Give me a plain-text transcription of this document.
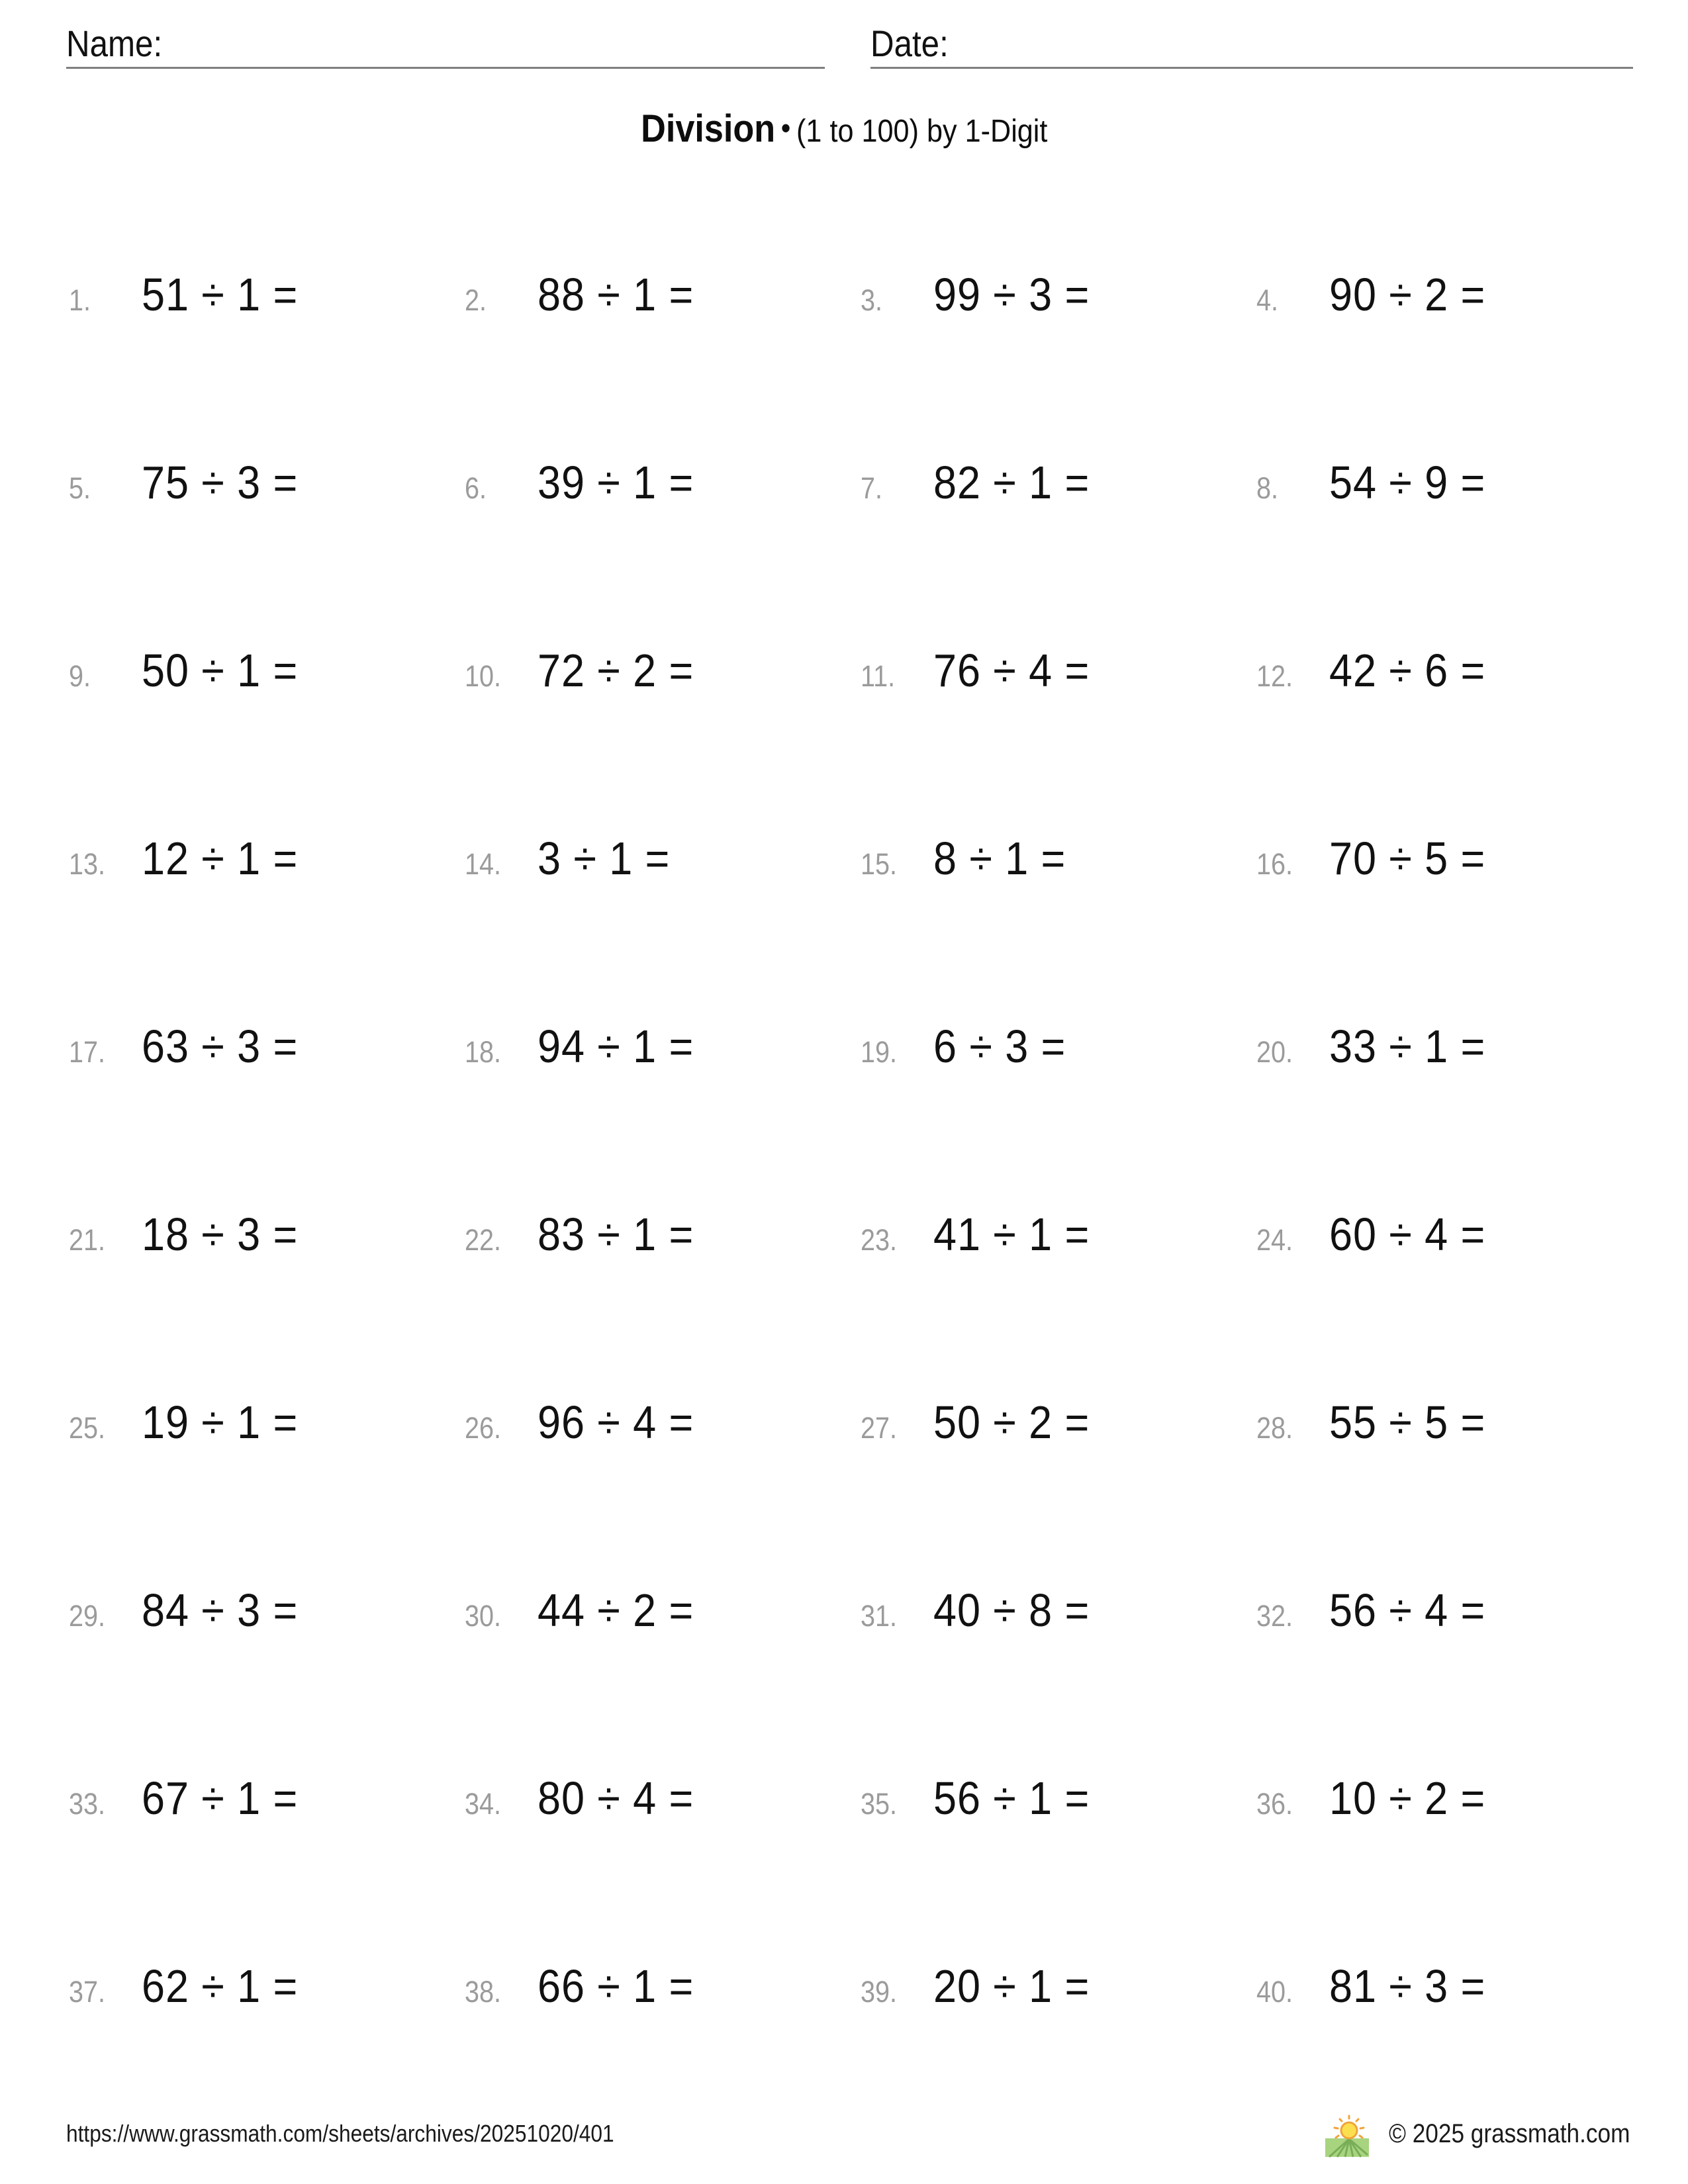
Name:	Date:
Division • (1 to 100) by 1-Digit
1.	51 ÷ 1 =	2.	88 ÷ 1 =	3.	99 ÷ 3 =	4.	90 ÷ 2 =
5.	75 ÷ 3 =	6.	39 ÷ 1 =	7.	82 ÷ 1 =	8.	54 ÷ 9 =
9.	50 ÷ 1 =	10. 72 ÷ 2 =	11. 76 ÷ 4 =	12. 42 ÷ 6 =
13. 12 ÷ 1 =	14. 3 ÷ 1 =	15. 8 ÷ 1 =	16. 70 ÷ 5 =
17. 63 ÷ 3 =	18. 94 ÷ 1 =	19. 6 ÷ 3 =	20. 33 ÷ 1 =
21. 18 ÷ 3 =	22. 83 ÷ 1 =	23. 41 ÷ 1 =	24. 60 ÷ 4 =
25. 19 ÷ 1 =	26. 96 ÷ 4 =	27. 50 ÷ 2 =	28. 55 ÷ 5 =
29. 84 ÷ 3 =	30. 44 ÷ 2 =	31. 40 ÷ 8 =	32. 56 ÷ 4 =
33. 67 ÷ 1 =	34. 80 ÷ 4 =	35. 56 ÷ 1 =	36. 10 ÷ 2 =
37. 62 ÷ 1 =	38. 66 ÷ 1 =	39. 20 ÷ 1 =	40. 81 ÷ 3 =
https://www.grassmath.com/sheets/archives/20251020/401	© 2025 grassmath.com
